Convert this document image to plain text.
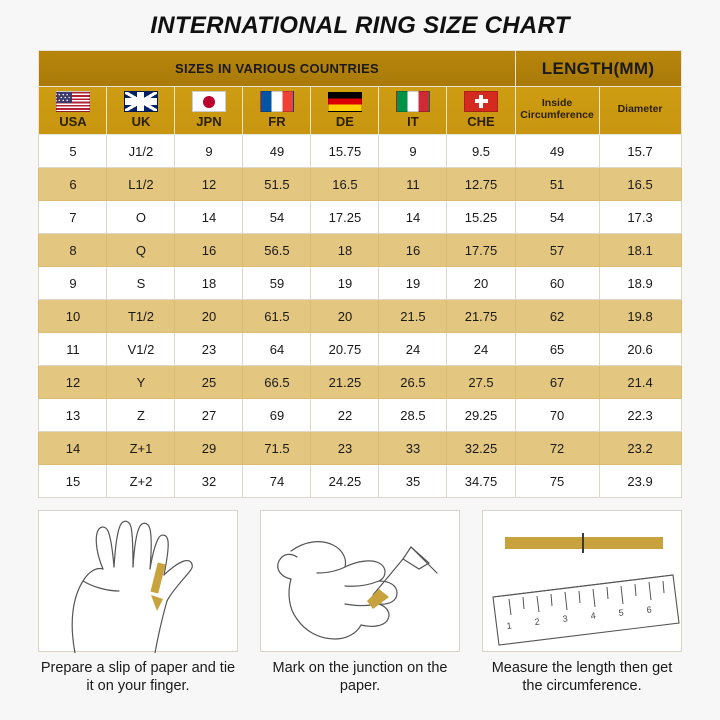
INTERNATIONAL RING SIZE CHART
SIZES IN VARIOUS COUNTRIES							LENGTH(MM)	

USA	UK	JPN	FR	DE	IT	CHE	Inside Circumference	Diameter

5	J1/2	9	49	15.75	9	9.5	49	15.7
6	L1/2	12	51.5	16.5	11	12.75	51	16.5
7	O	14	54	17.25	14	15.25	54	17.3
8	Q	16	56.5	18	16	17.75	57	18.1
9	S	18	59	19	19	20	60	18.9
10	T1/2	20	61.5	20	21.5	21.75	62	19.8
11	V1/2	23	64	20.75	24	24	65	20.6
12	Y	25	66.5	21.25	26.5	27.5	67	21.4
13	Z	27	69	22	28.5	29.25	70	22.3
14	Z+1	29	71.5	23	33	32.25	72	23.2
15	Z+2	32	74	24.25	35	34.75	75	23.9
Prepare a slip of paper and tie it on your finger.
Mark on the junction on the paper.
1 2 3 4 5 6
Measure the length then get the circumference.
